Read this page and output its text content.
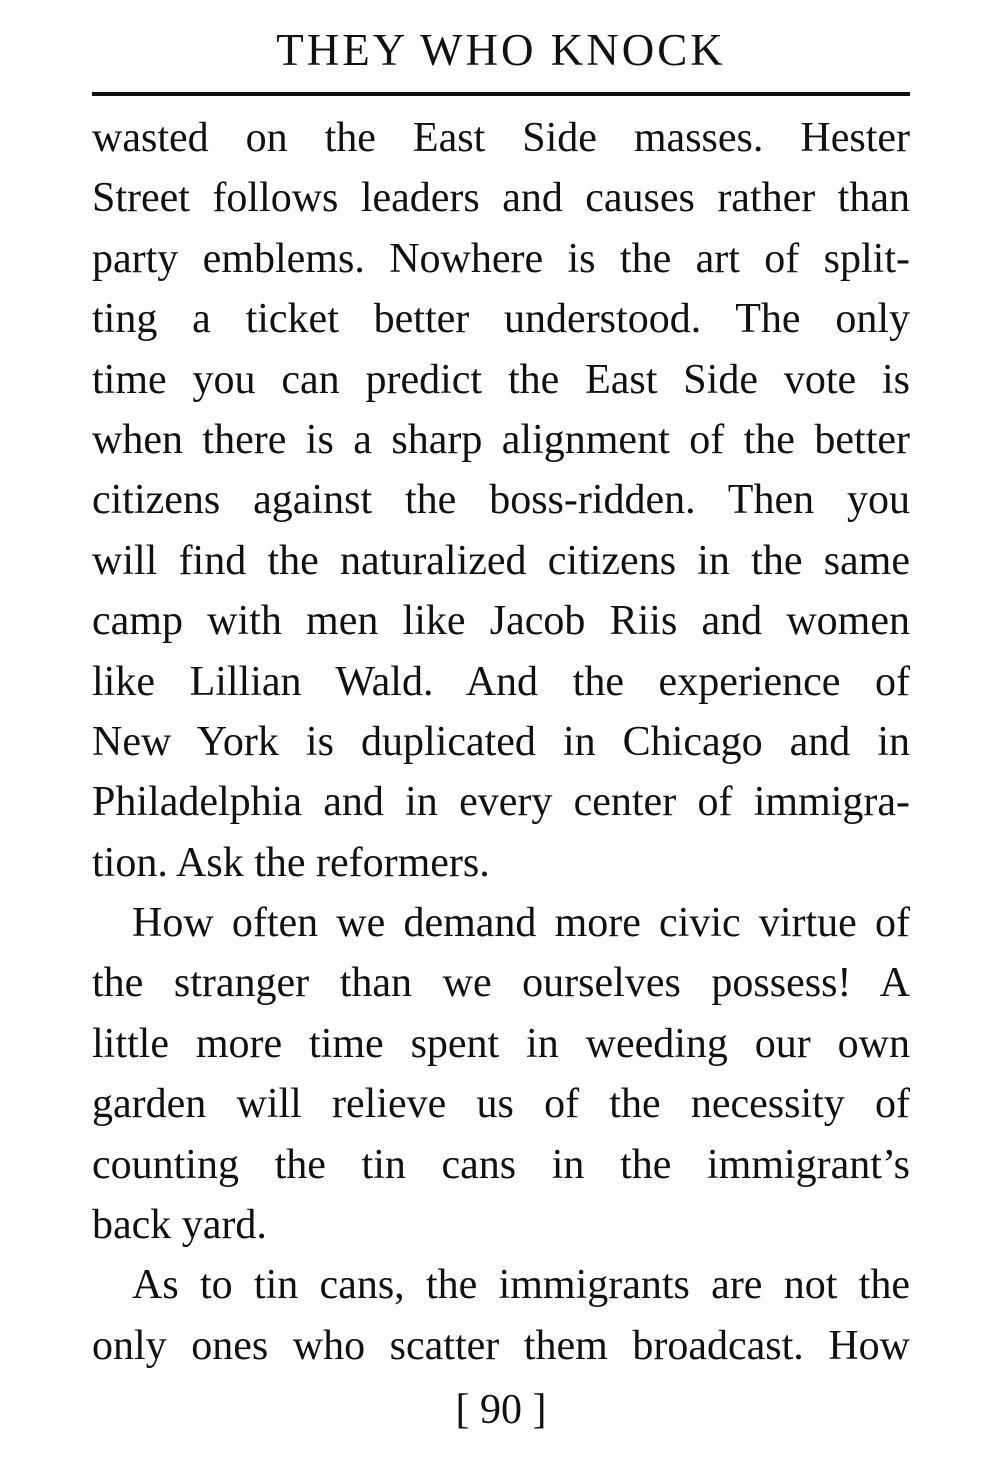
THEY WHO KNOCK
wasted on the East Side masses. Hester
Street follows leaders and causes rather than
party emblems. Nowhere is the art of split-
ting a ticket better understood. The only
time you can predict the East Side vote is
when there is a sharp alignment of the better
citizens against the boss-ridden. Then you
will find the naturalized citizens in the same
camp with men like Jacob Riis and women
like Lillian Wald. And the experience of
New York is duplicated in Chicago and in
Philadelphia and in every center of immigra-
tion. Ask the reformers.
How often we demand more civic virtue of
the stranger than we ourselves possess! A
little more time spent in weeding our own
garden will relieve us of the necessity of
counting the tin cans in the immigrant’s
back yard.
As to tin cans, the immigrants are not the
only ones who scatter them broadcast. How
[ 90 ]
